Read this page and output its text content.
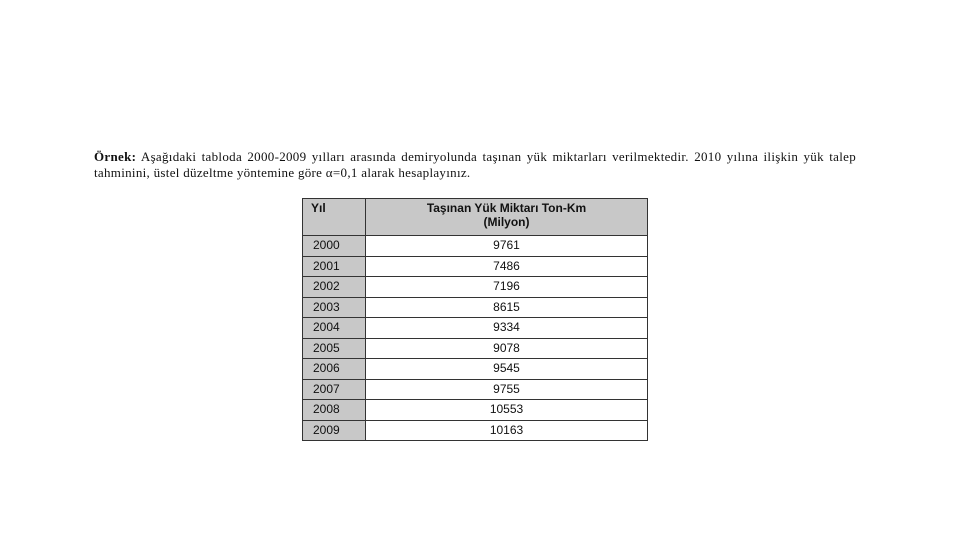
Örnek: Aşağıdaki tabloda 2000-2009 yılları arasında demiryolunda taşınan yük miktarları verilmektedir. 2010 yılına ilişkin yük talep tahminini, üstel düzeltme yöntemine göre α=0,1 alarak hesaplayınız.

Yıl	Taşınan Yük Miktarı Ton-Km
(Milyon)
2000	9761
2001	7486
2002	7196
2003	8615
2004	9334
2005	9078
2006	9545
2007	9755
2008	10553
2009	10163
